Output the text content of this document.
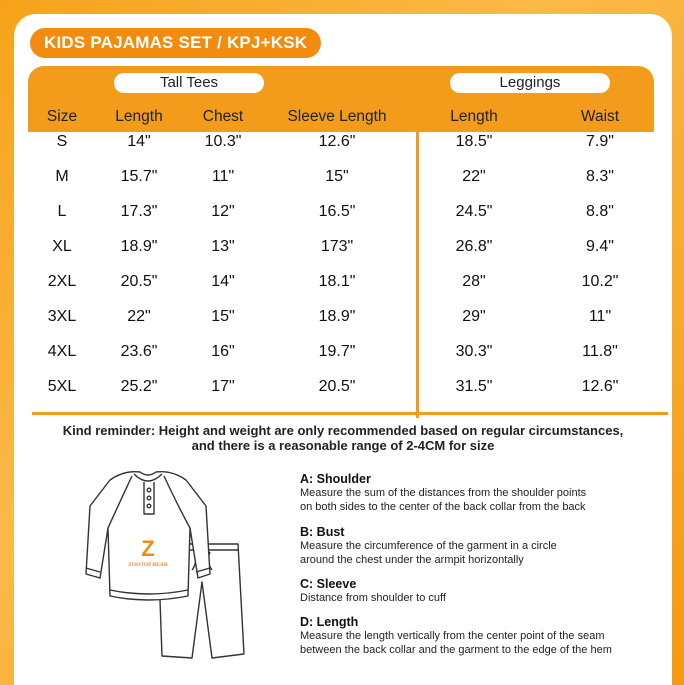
KIDS PAJAMAS SET / KPJ+KSK
Tall Tees	Leggings
Size	Length	Chest	Sleeve Length	Length	Waist
S	14"	10.3"	12.6"	18.5"	7.9"
M	15.7"	11"	15"	22"	8.3"
L	17.3"	12"	16.5"	24.5"	8.8"
XL	18.9"	13"	173"	26.8"	9.4"
2XL	20.5"	14"	18.1"	28"	10.2"
3XL	22"	15"	18.9"	29"	11"
4XL	23.6"	16"	19.7"	30.3"	11.8"
5XL	25.2"	17"	20.5"	31.5"	12.6"
Kind reminder: Height and weight are only recommended based on regular circumstances,
and there is a reasonable range of 2-4CM for size
Z
ZOOTOP BEAR
A: Shoulder

Measure the sum of the distances from the shoulder points

on both sides to the center of the back collar from the back

B: Bust

Measure the circumference of the garment in a circle

around the chest under the armpit horizontally

C: Sleeve

Distance from shoulder to cuff

D: Length

Measure the length vertically from the center point of the seam

between the back collar and the garment to the edge of the hem
